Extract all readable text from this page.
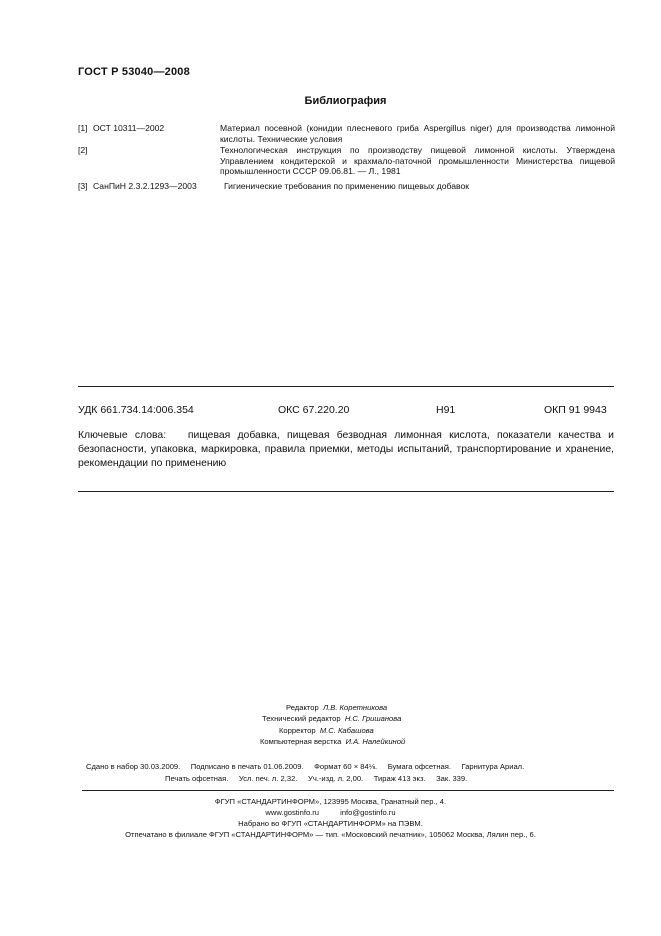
ГОСТ Р 53040—2008
Библиография
[1] ОСТ 10311—2002	Материал посевной (конидии плесневого гриба Aspergillus niger) для производства лимонной кислоты. Технические условия
[2]	Технологическая инструкция по производству пищевой лимонной кислоты. Утверждена Управлением кондитерской и крахмало-паточной промышленности Министерства пищевой промышленности СССР 09.06.81. — Л., 1981
[3] СанПиН 2.3.2.1293—2003	Гигиенические требования по применению пищевых добавок
УДК 661.734.14:006.354	ОКС 67.220.20	Н91	ОКП 91 9943
Ключевые слова: пищевая добавка, пищевая безводная лимонная кислота, показатели качества и безопасности, упаковка, маркировка, правила приемки, методы испытаний, транспортирование и хранение, рекомендации по применению
Редактор Л.В. Коретникова
Технический редактор Н.С. Гришанова
Корректор М.С. Кабашова
Компьютерная верстка И.А. Налейкиной
Сдано в набор 30.03.2009.     Подписано в печать 01.06.2009.     Формат 60 × 84⅛.     Бумага офсетная.     Гарнитура Ариал.
Печать офсетная.     Усл. печ. л. 2,32.     Уч.-изд. л. 2,00.     Тираж 413 экз.     Зак. 339.
ФГУП «СТАНДАРТИНФОРМ», 123995 Москва, Гранатный пер., 4.
www.gostinfo.ru	info@gostinfo.ru
Набрано во ФГУП «СТАНДАРТИНФОРМ» на ПЭВМ.
Отпечатано в филиале ФГУП «СТАНДАРТИНФОРМ» — тип. «Московский печатник», 105062 Москва, Лялин пер., 6.
